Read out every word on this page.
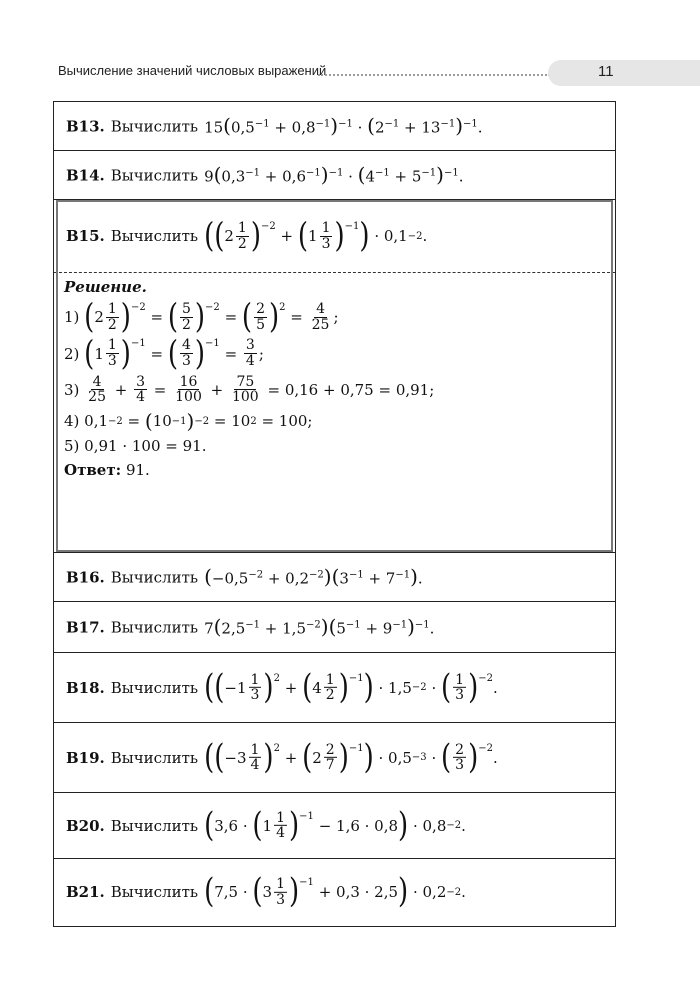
Вычисление значений числовых выражений	11
B13. Вычислить $15(0,5^{-1} + 0,8^{-1})^{-1} \cdot (2^{-1} + 13^{-1})^{-1}$.
B14. Вычислить $9(0,3^{-1} + 0,6^{-1})^{-1} \cdot (4^{-1} + 5^{-1})^{-1}$.
B15. Вычислить ( ( $2 \frac{1}{2} )^{-2}$
+ ( $1 \frac{1}{3} )^{-1}$ ) · 0,1 −2 .
Решение.
1) ( $2 \frac{1}{2} )^{-2}$
= ( $\frac{5}{2} )^{-2}$
= ( $\frac{2}{5} )^2$
= $\frac{4}{25}$ ;
2) ( $1 \frac{1}{3} )^{-1}$
= ( $\frac{4}{3} )^{-1}$
= $\frac{3}{4}$ ;
$3) \frac{4}{25} + \frac{3}{4} = \frac{16}{100} + \frac{75}{100} = 0,16 + 0,75 = 0,91$;
4) 0,1 −2 = ( 10 −1 ) −2 = 10 2 = 100;
5) 0,91 · 100 = 91.
Ответ:
91.
B16. Вычислить $(-0,5^{-2} + 0,2^{-2})(3^{-1} + 7^{-1})$.
B17. Вычислить $7(2,5^{-1} + 1,5^{-2})(5^{-1} + 9^{-1})^{-1}$.
B18. Вычислить ( ( $-1 \frac{1}{3} )^2$
+ ( $4 \frac{1}{2} )^{-1}$ ) · 1,5 −2 · ( $\frac{1}{3} )^{-2}$
.
B19. Вычислить ( ( $-3 \frac{1}{4} )^2$
+ ( $2 \frac{2}{7} )^{-1}$ ) · 0,5 −3 · ( $\frac{2}{3} )^{-2}$
.
B20. Вычислить ( 3,6 · ( $1 \frac{1}{4} )^{-1}$
− 1,6 · 0,8 ) · 0,8 −2 .
B21. Вычислить ( 7,5 · ( $3 \frac{1}{3} )^{-1}$
+ 0,3 · 2,5 ) · 0,2 −2 .
